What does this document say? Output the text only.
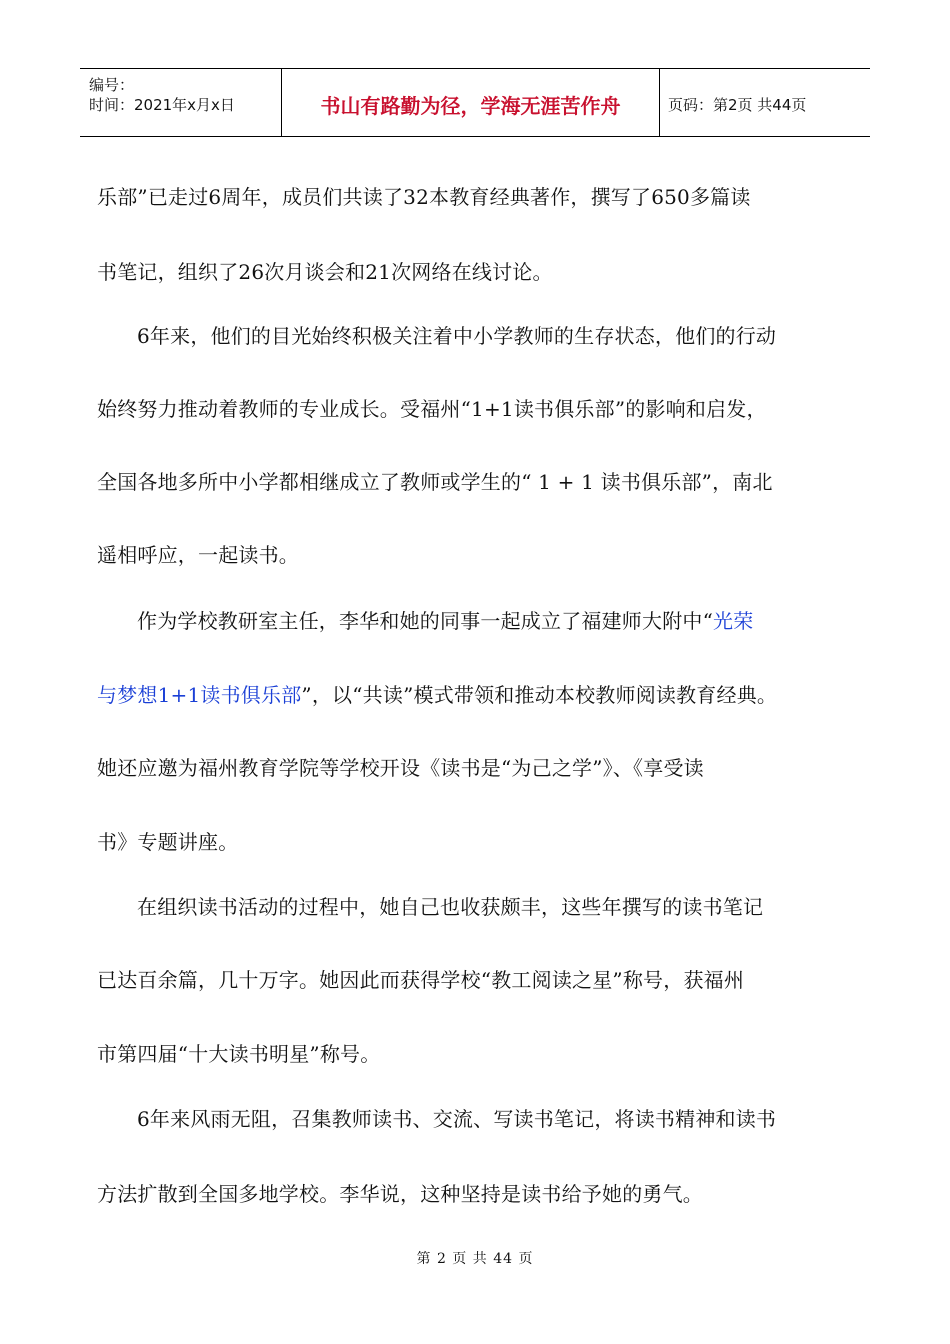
编号：
时间：2021年x月x日	书山有路勤为径，学海无涯苦作舟	页码：第2页 共44页
乐部”已走过6周年，成员们共读了32本教育经典著作，撰写了650多篇读
书笔记，组织了26次月谈会和21次网络在线讨论。
6年来，他们的目光始终积极关注着中小学教师的生存状态，他们的行动
始终努力推动着教师的专业成长。受福州“1+1读书俱乐部”的影响和启发，
全国各地多所中小学都相继成立了教师或学生的“ 1 + 1 读书俱乐部”，南北
遥相呼应，一起读书。
作为学校教研室主任，李华和她的同事一起成立了福建师大附中“光荣
与梦想1+1读书俱乐部”，以“共读”模式带领和推动本校教师阅读教育经典。
她还应邀为福州教育学院等学校开设《读书是“为己之学”》、《享受读
书》专题讲座。
在组织读书活动的过程中，她自己也收获颇丰，这些年撰写的读书笔记
已达百余篇，几十万字。她因此而获得学校“教工阅读之星”称号，获福州
市第四届“十大读书明星”称号。
6年来风雨无阻，召集教师读书、交流、写读书笔记，将读书精神和读书
方法扩散到全国多地学校。李华说，这种坚持是读书给予她的勇气。
第 2 页 共 44 页
